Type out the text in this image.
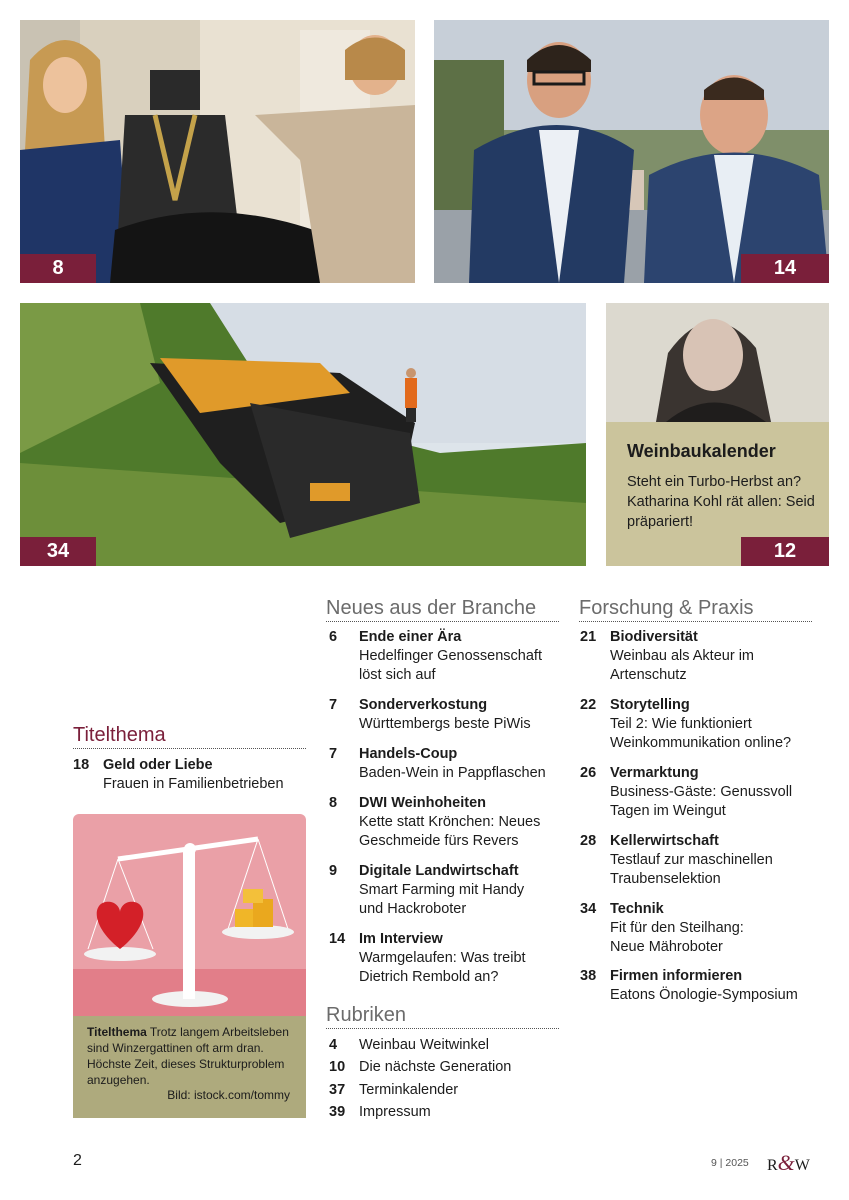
8	14
34
Weinbaukalender
Steht ein Turbo-Herbst an? Katharina Kohl rät allen: Seid präpariert!
12
Titelthema
18 Geld oder Liebe
Frauen in Familienbetrieben
Titelthema Trotz langem Arbeitsleben sind Winzergattinen oft arm dran. Höchste Zeit, dieses Strukturproblem anzugehen.
Bild: istock.com/tommy
Neues aus der Branche
6	Ende einer Ära
Hedelfinger Genossenschaft
löst sich auf
7	Sonderverkostung
Württembergs beste PiWis
7	Handels-Coup
Baden-Wein in Pappflaschen
8	DWI Weinhoheiten
Kette statt Krönchen: Neues
Geschmeide fürs Revers
9	Digitale Landwirtschaft
Smart Farming mit Handy
und Hackroboter
14 Im Interview
Warmgelaufen: Was treibt
Dietrich Rembold an?
Rubriken
4	Weinbau Weitwinkel
10 Die nächste Generation
37 Terminkalender
39 Impressum
Forschung & Praxis
21 Biodiversität
Weinbau als Akteur im
Artenschutz
22 Storytelling
Teil 2: Wie funktioniert
Weinkommunikation online?
26 Vermarktung
Business-Gäste: Genussvoll
Tagen im Weingut
28 Kellerwirtschaft
Testlauf zur maschinellen
Traubenselektion
34 Technik
Fit für den Steilhang:
Neue Mähroboter
38 Firmen informieren
Eatons Önologie-Symposium
2	9 | 2025 R&W
